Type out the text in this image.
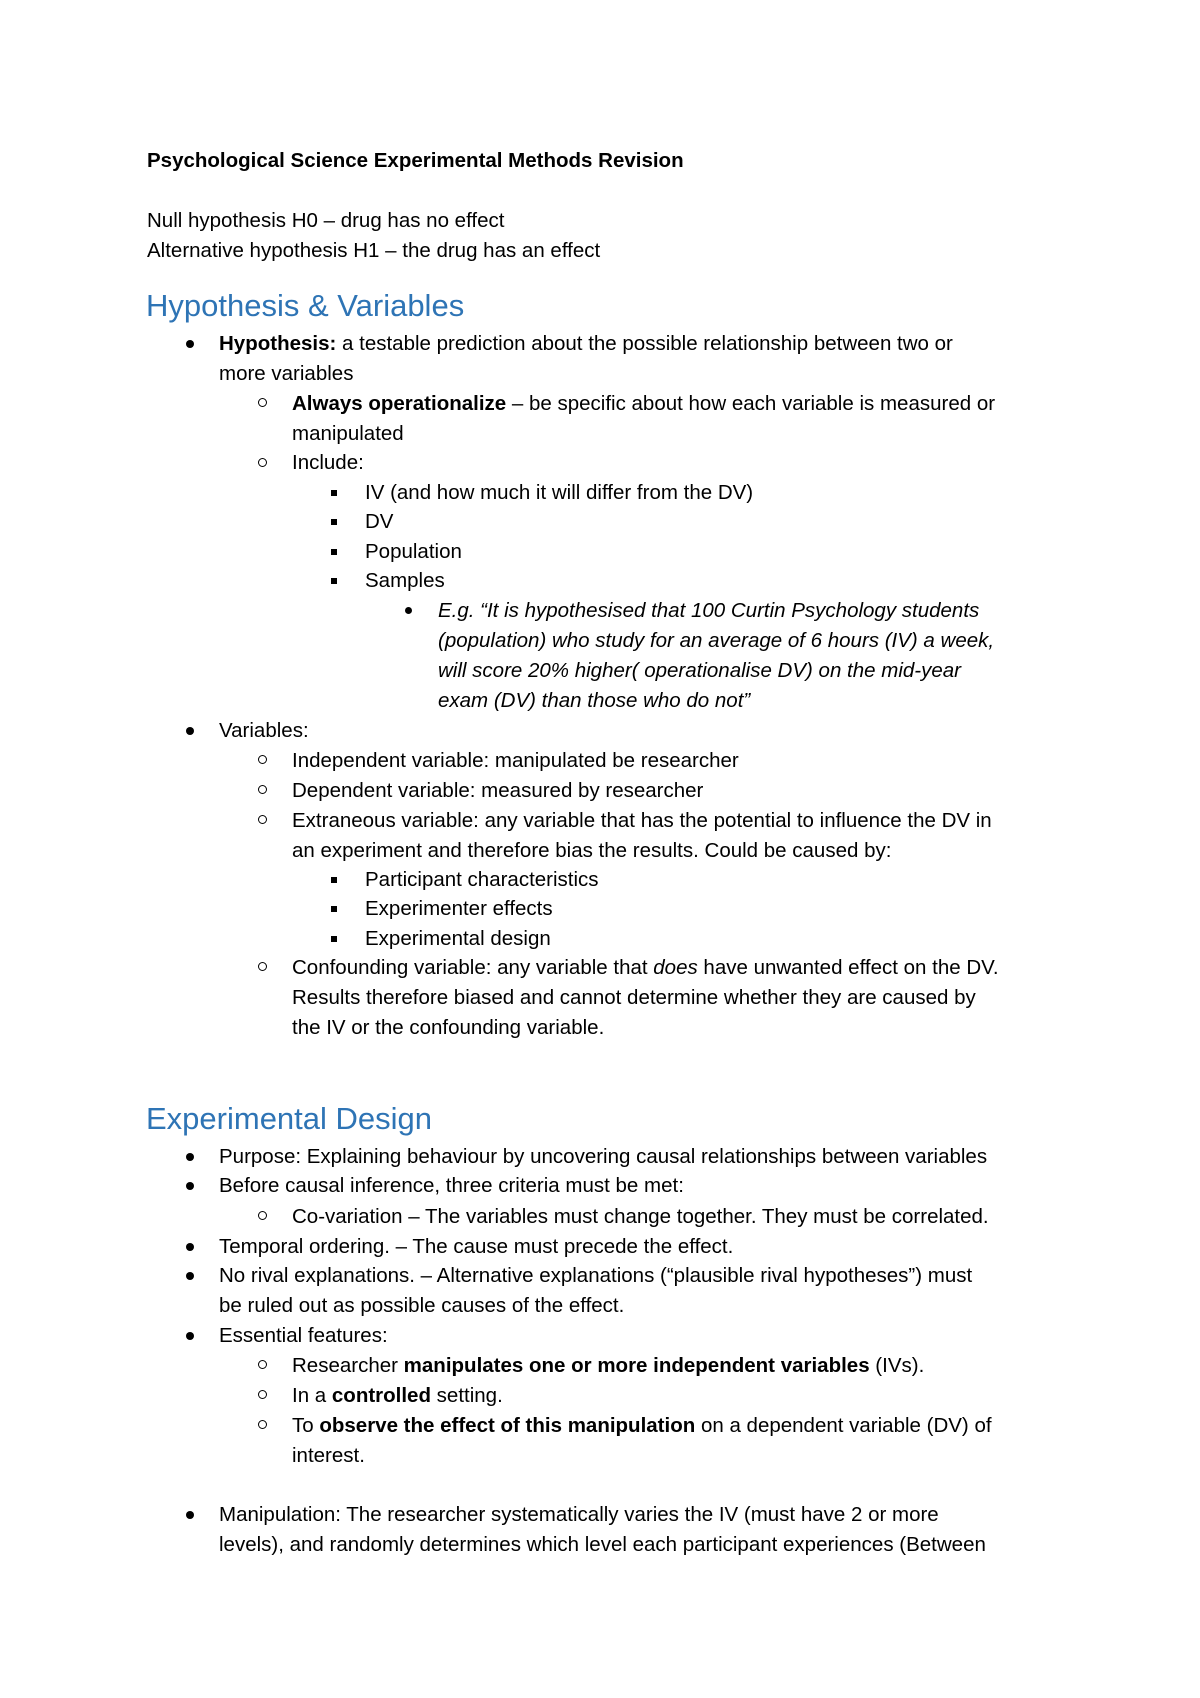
Psychological Science Experimental Methods Revision
Null hypothesis H0 – drug has no effect
Alternative hypothesis H1 – the drug has an effect
Hypothesis & Variables
Hypothesis: a testable prediction about the possible relationship between two or
more variables
Always operationalize – be specific about how each variable is measured or
manipulated
Include:
IV (and how much it will differ from the DV)
DV
Population
Samples
E.g. “It is hypothesised that 100 Curtin Psychology students
(population) who study for an average of 6 hours (IV) a week,
will score 20% higher( operationalise DV) on the mid-year
exam (DV) than those who do not”
Variables:
Independent variable: manipulated be researcher
Dependent variable: measured by researcher
Extraneous variable: any variable that has the potential to influence the DV in
an experiment and therefore bias the results. Could be caused by:
Participant characteristics
Experimenter effects
Experimental design
Confounding variable: any variable that does have unwanted effect on the DV.
Results therefore biased and cannot determine whether they are caused by
the IV or the confounding variable.
Experimental Design
Purpose: Explaining behaviour by uncovering causal relationships between variables
Before causal inference, three criteria must be met:
Co-variation – The variables must change together. They must be correlated.
Temporal ordering. – The cause must precede the effect.
No rival explanations. – Alternative explanations (“plausible rival hypotheses”) must
be ruled out as possible causes of the effect.
Essential features:
Researcher manipulates one or more independent variables (IVs).
In a controlled setting.
To observe the effect of this manipulation on a dependent variable (DV) of
interest.
Manipulation: The researcher systematically varies the IV (must have 2 or more
levels), and randomly determines which level each participant experiences (Between
